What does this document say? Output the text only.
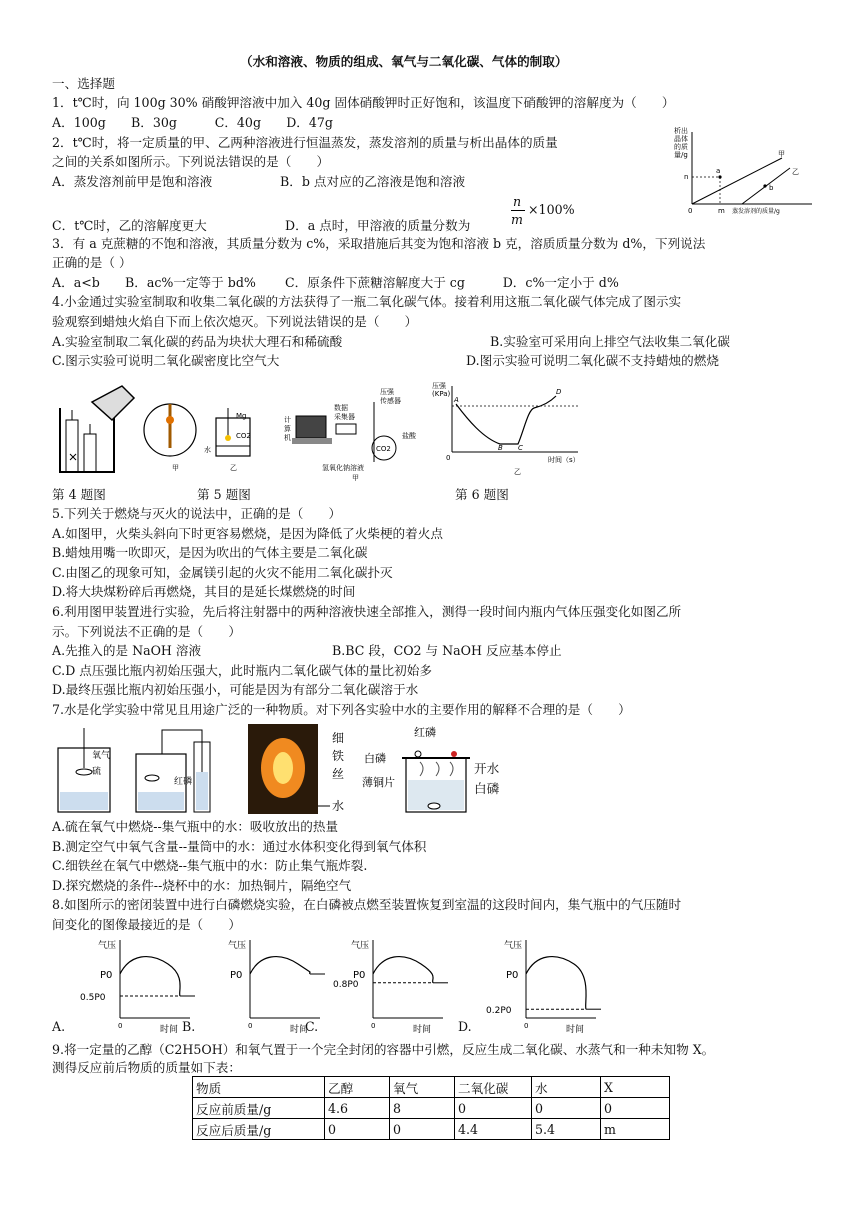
（水和溶液、物质的组成、氧气与二氧化碳、气体的制取）
一、选择题
1．t℃时，向 100g 30% 硝酸钾溶液中加入 40g 固体硝酸钾时正好饱和，该温度下硝酸钾的溶解度为（　　）
A．100g　　B．30g　　　C．40g　　D．47g
2．t℃时，将一定质量的甲、乙两种溶液进行恒温蒸发，蒸发溶剂的质量与析出晶体的质量
之间的关系如图所示。下列说法错误的是（　　）
A．蒸发溶剂前甲是饱和溶液	B．b 点对应的乙溶液是饱和溶液
C．t℃时，乙的溶解度更大	D．a 点时，甲溶液的质量分数为
n
m
×100%
析出
晶体
的质
量/g
n
a
b
甲
乙
0	m 蒸发溶剂的质量/g
3．有 a 克蔗糖的不饱和溶液，其质量分数为 c%，采取措施后其变为饱和溶液 b 克，溶质质量分数为 d%，下列说法
正确的是（ ）
A．a<b　　B．ac%一定等于 bd%　　 C．原条件下蔗糖溶解度大于 cg　　　D．c%一定小于 d%
4.小金通过实验室制取和收集二氧化碳的方法获得了一瓶二氧化碳气体。接着利用这瓶二氧化碳气体完成了图示实
验观察到蜡烛火焰自下而上依次熄灭。下列说法错误的是（　　）
A.实验室制取二氧化碳的药品为块状大理石和稀硫酸	B.实验室可采用向上排空气法收集二氧化碳
C.图示实验可说明二氧化碳密度比空气大	D.图示实验可说明二氧化碳不支持蜡烛的燃烧
甲
Mg
CO2
水
乙
计
算
机
数据
采集器
压强
传感器
CO2
盐酸
氢氧化钠溶液
甲
压强
(KPa)
A
B C
D
0	时间（s）
乙
第 4 题图	第 5 题图	第 6 题图
5.下列关于燃烧与灭火的说法中，正确的是（　　）
A.如图甲，火柴头斜向下时更容易燃烧，是因为降低了火柴梗的着火点
B.蜡烛用嘴一吹即灭，是因为吹出的气体主要是二氧化碳
C.由图乙的现象可知，金属镁引起的火灾不能用二氧化碳扑灭
D.将大块煤粉碎后再燃烧，其目的是延长煤燃烧的时间
6.利用图甲装置进行实验，先后将注射器中的两种溶液快速全部推入，测得一段时间内瓶内气体压强变化如图乙所
示。下列说法不正确的是（　　）
A.先推入的是 NaOH 溶液	B.BC 段，CO2 与 NaOH 反应基本停止
C.D 点压强比瓶内初始压强大，此时瓶内二氧化碳气体的量比初始多
D.最终压强比瓶内初始压强小，可能是因为有部分二氧化碳溶于水
7.水是化学实验中常见且用途广泛的一种物质。对下列各实验中水的主要作用的解释不合理的是（　　）
氧气
硫
红磷
细
铁
丝
水
白磷
红磷
薄铜片
开水
白磷
A.硫在氧气中燃烧--集气瓶中的水：吸收放出的热量
B.测定空气中氧气含量--量筒中的水：通过水体积变化得到氧气体积
C.细铁丝在氧气中燃烧--集气瓶中的水：防止集气瓶炸裂.
D.探究燃烧的条件--烧杯中的水：加热铜片，隔绝空气
8.如图所示的密闭装置中进行白磷燃烧实验，在白磷被点燃至装置恢复到室温的这段时间内，集气瓶中的气压随时
间变化的图像最接近的是（　　）
A.
气压
P0
0.5P0
0	时间 B.
气压
P0
0	时间
C.
气压
P0
0.8P0
0	时间 D.
气压
P0
0.2P0
0	时间
9.将一定量的乙醇（C2H5OH）和氧气置于一个完全封闭的容器中引燃，反应生成二氧化碳、水蒸气和一种未知物 X。
测得反应前后物质的质量如下表：
物质	乙醇	氧气	二氧化碳	水	X
反应前质量/g	4.6	8	0	0	0
反应后质量/g	0	0	4.4	5.4	m
